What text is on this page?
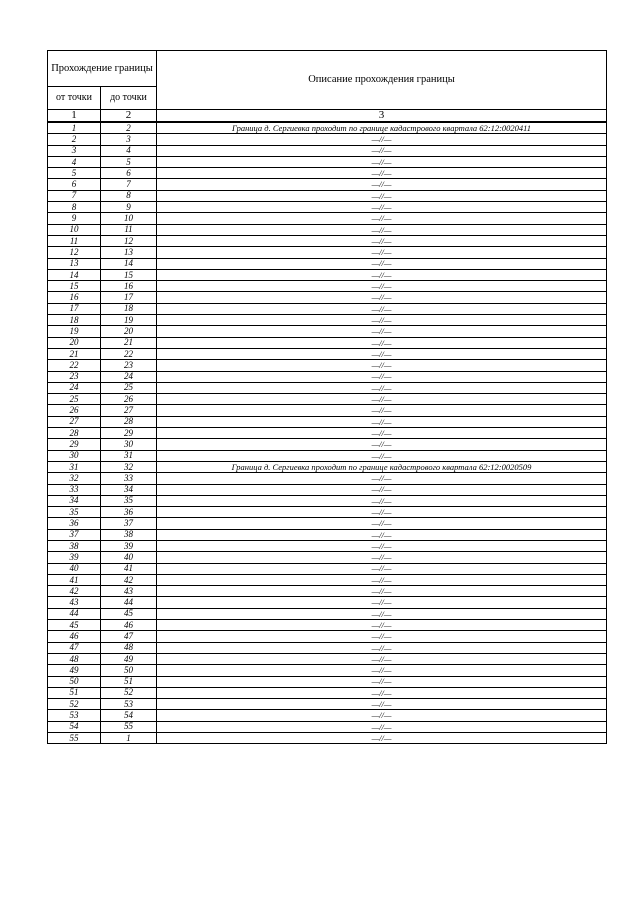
Прохождение границы		Описание прохождения границы
от точки	до точки	
1	2	3
1	2	Граница д. Сергиевка проходит по границе кадастрового квартала 62:12:0020411
2	3	—//—
3	4	—//—
4	5	—//—
5	6	—//—
6	7	—//—
7	8	—//—
8	9	—//—
9	10	—//—
10	11	—//—
11	12	—//—
12	13	—//—
13	14	—//—
14	15	—//—
15	16	—//—
16	17	—//—
17	18	—//—
18	19	—//—
19	20	—//—
20	21	—//—
21	22	—//—
22	23	—//—
23	24	—//—
24	25	—//—
25	26	—//—
26	27	—//—
27	28	—//—
28	29	—//—
29	30	—//—
30	31	—//—
31	32	Граница д. Сергиевка проходит по границе кадастрового квартала 62:12:0020509
32	33	—//—
33	34	—//—
34	35	—//—
35	36	—//—
36	37	—//—
37	38	—//—
38	39	—//—
39	40	—//—
40	41	—//—
41	42	—//—
42	43	—//—
43	44	—//—
44	45	—//—
45	46	—//—
46	47	—//—
47	48	—//—
48	49	—//—
49	50	—//—
50	51	—//—
51	52	—//—
52	53	—//—
53	54	—//—
54	55	—//—
55	1	—//—
